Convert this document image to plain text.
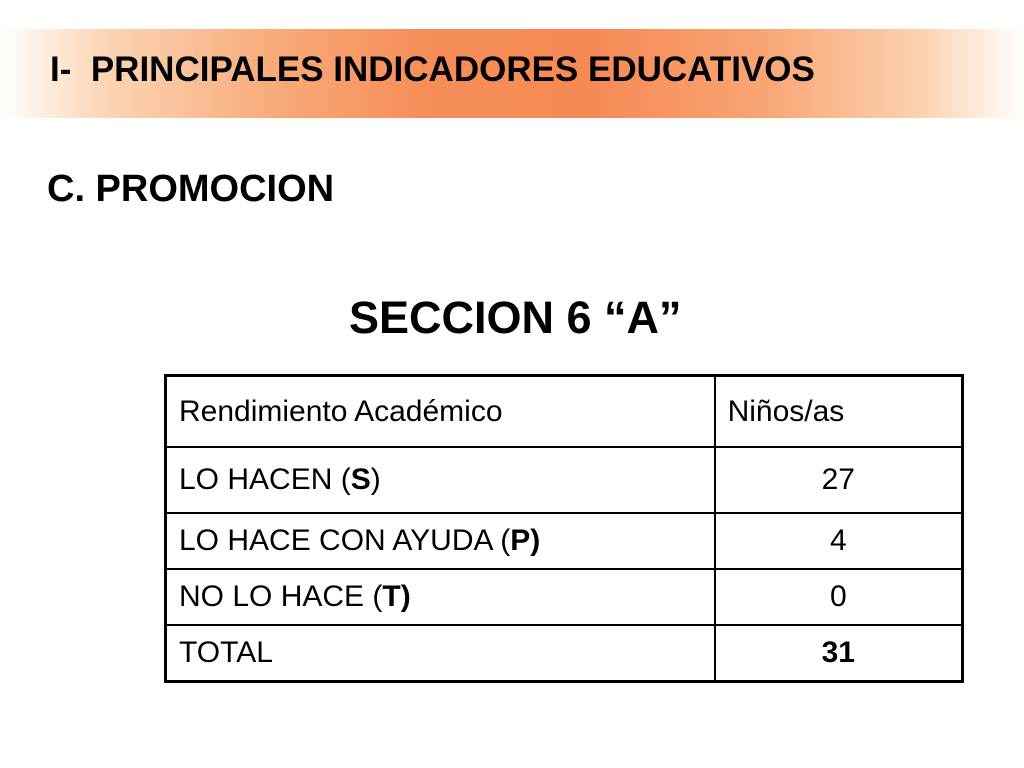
I-  PRINCIPALES INDICADORES EDUCATIVOS
C. PROMOCION
SECCION 6 “A”
Rendimiento Académico	Niños/as
LO HACEN (S)	27
LO HACE CON AYUDA (P)	4
NO LO HACE (T)	0
TOTAL	31
